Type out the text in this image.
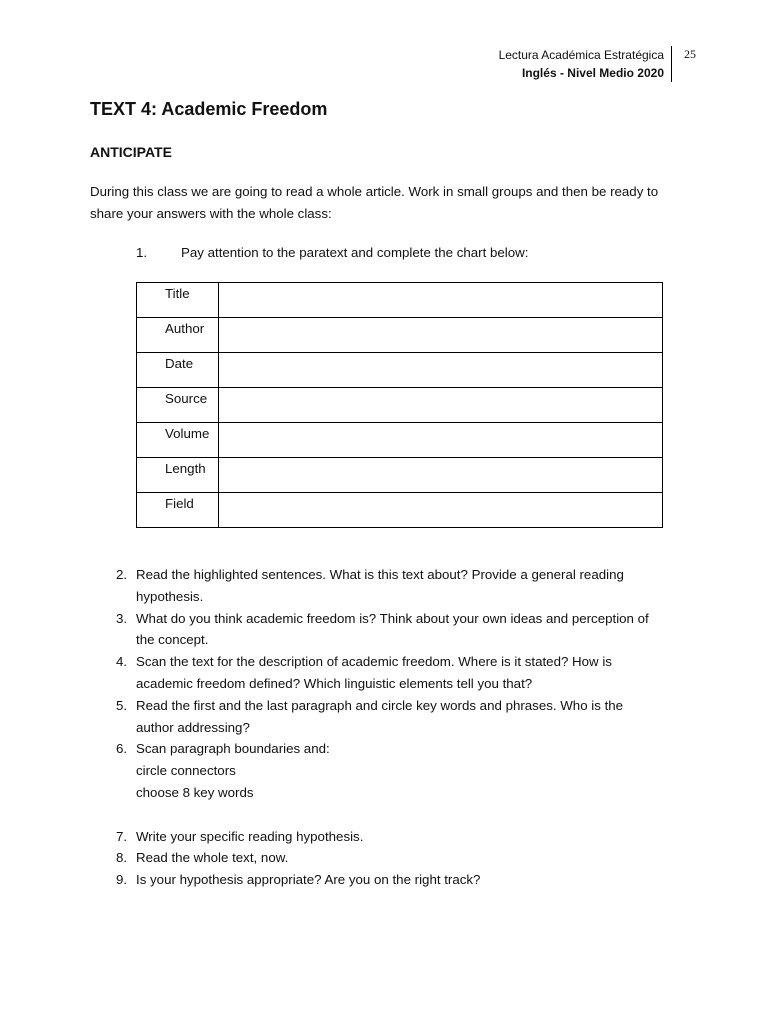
Lectura Académica Estratégica
Inglés - Nivel Medio 2020
25
TEXT 4: Academic Freedom
ANTICIPATE

During this class we are going to read a whole article. Work in small groups and then be ready to share your answers with the whole class:

1.	Pay attention to the paratext and complete the chart below:
Title	
Author	
Date	
Source	
Volume	
Length	
Field	
2. Read the highlighted sentences. What is this text about? Provide a general reading
hypothesis.
3. What do you think academic freedom is? Think about your own ideas and perception of
the concept.
4. Scan the text for the description of academic freedom. Where is it stated? How is
academic freedom defined? Which linguistic elements tell you that?
5. Read the first and the last paragraph and circle key words and phrases. Who is the
author addressing?
6. Scan paragraph boundaries and:
circle connectors
choose 8 key words
7. Write your specific reading hypothesis.
8. Read the whole text, now.
9. Is your hypothesis appropriate? Are you on the right track?
